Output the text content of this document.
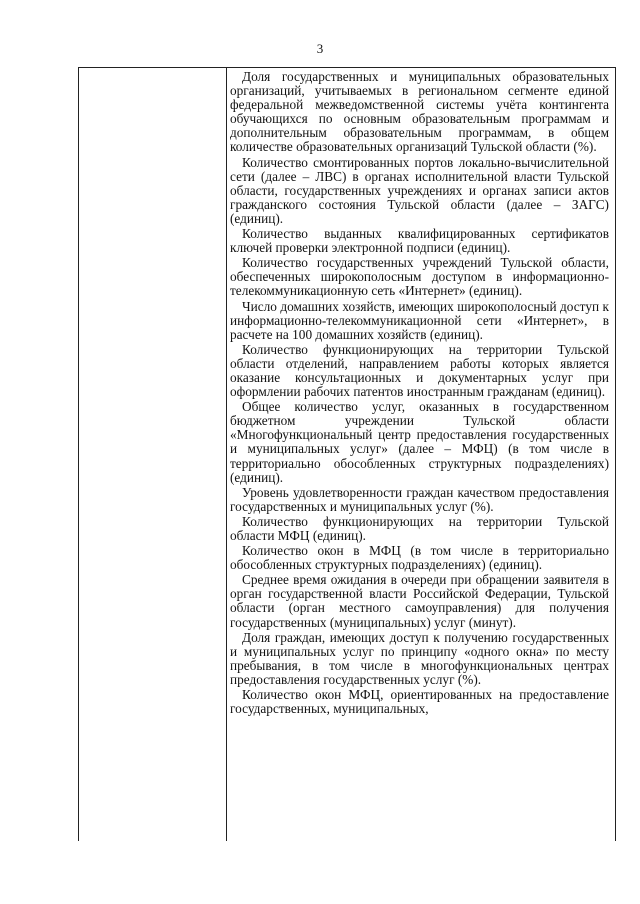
3

Доля государственных и муниципальных образовательных организаций, учитываемых в региональном сегменте единой федеральной межведомственной системы учёта контингента обучающихся по основным образовательным программам и дополнительным образовательным программам, в общем количестве образовательных организаций Тульской области (%).

Количество смонтированных портов локально-вычислительной сети (далее – ЛВС) в органах исполнительной власти Тульской области, государственных учреждениях и органах записи актов гражданского состояния Тульской области (далее – ЗАГС) (единиц).

Количество выданных квалифицированных сертификатов ключей проверки электронной подписи (единиц).

Количество государственных учреждений Тульской области, обеспеченных широкополосным доступом в информационно-телекоммуникационную сеть «Интернет» (единиц).

Число домашних хозяйств, имеющих широкополосный доступ к информационно-телекоммуникационной сети «Интернет», в расчете на 100 домашних хозяйств (единиц).

Количество функционирующих на территории Тульской области отделений, направлением работы которых является оказание консультационных и документарных услуг при оформлении рабочих патентов иностранным гражданам (единиц).

Общее количество услуг, оказанных в государственном бюджетном учреждении Тульской области «Многофункциональный центр предоставления государственных и муниципальных услуг» (далее – МФЦ) (в том числе в территориально обособленных структурных подразделениях) (единиц).

Уровень удовлетворенности граждан качеством предоставления государственных и муниципальных услуг (%).

Количество функционирующих на территории Тульской области МФЦ (единиц).

Количество окон в МФЦ (в том числе в территориально обособленных структурных подразделениях) (единиц).

Среднее время ожидания в очереди при обращении заявителя в орган государственной власти Российской Федерации, Тульской области (орган местного самоуправления) для получения государственных (муниципальных) услуг (минут).

Доля граждан, имеющих доступ к получению государственных и муниципальных услуг по принципу «одного окна» по месту пребывания, в том числе в многофункциональных центрах предоставления государственных услуг (%).

Количество окон МФЦ, ориентированных на предоставление государственных, муниципальных,
